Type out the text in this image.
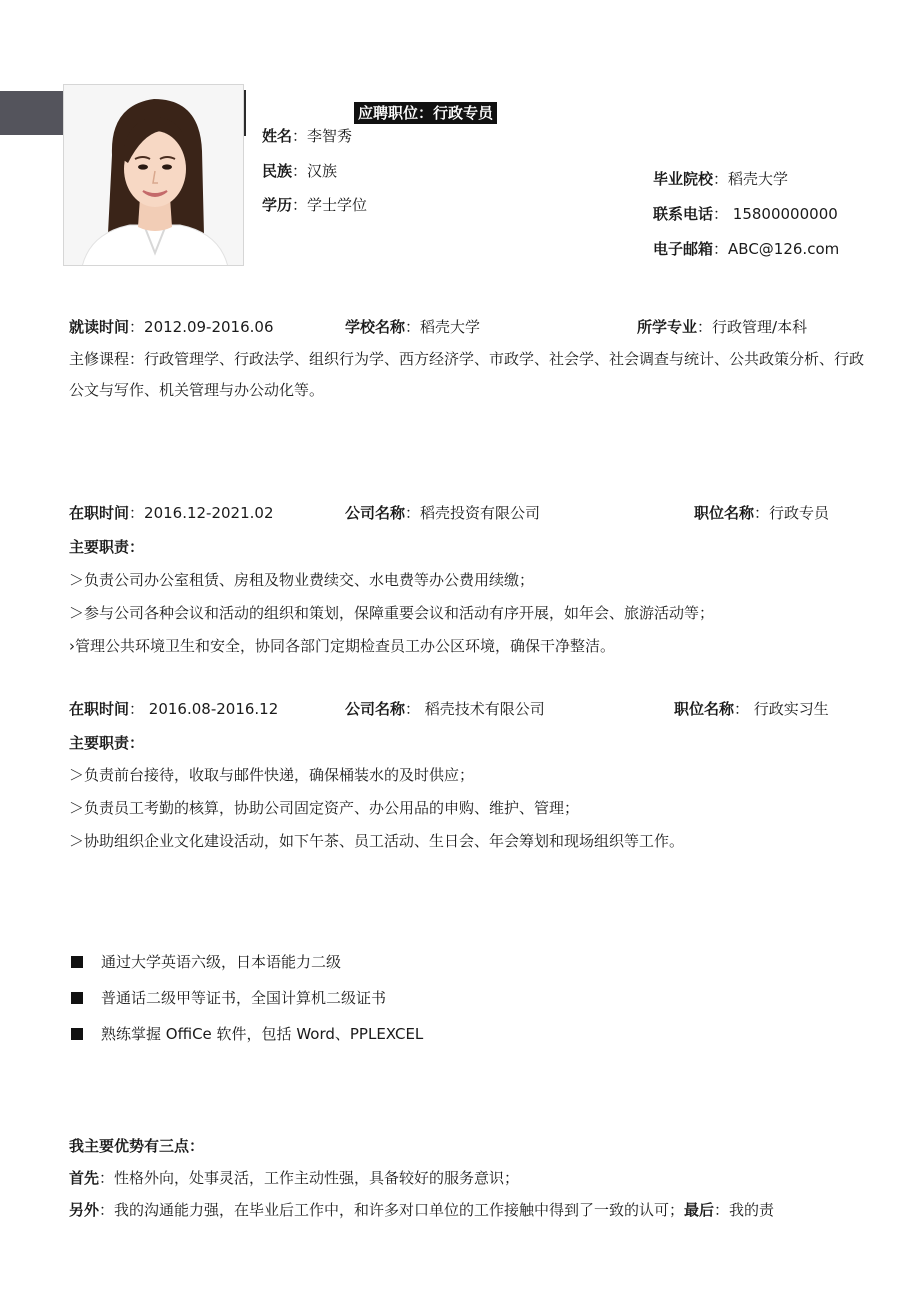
应聘职位：行政专员
姓名：李智秀
民族：汉族
学历：学士学位
毕业院校：稻壳大学
联系电话： 15800000000
电子邮箱：ABC@126.com
就读时间：2012.09-2016.06	学校名称：稻壳大学	所学专业：行政管理/本科
主修课程：行政管理学、行政法学、组织行为学、西方经济学、市政学、社会学、社会调查与统计、公共政策分析、行政公文与写作、机关管理与办公动化等。
在职时间：2016.12-2021.02	公司名称：稻壳投资有限公司	职位名称：行政专员
主要职责：
＞负责公司办公室租赁、房租及物业费续交、水电费等办公费用续缴；
＞参与公司各种会议和活动的组织和策划，保障重要会议和活动有序开展，如年会、旅游活动等；
›管理公共环境卫生和安全，协同各部门定期检查员工办公区环境，确保干净整洁。
在职时间： 2016.08-2016.12	公司名称： 稻壳技术有限公司	职位名称： 行政实习生
主要职责：
＞负责前台接待，收取与邮件快递，确保桶装水的及时供应；
＞负责员工考勤的核算，协助公司固定资产、办公用品的申购、维护、管理；
＞协助组织企业文化建设活动，如下午茶、员工活动、生日会、年会筹划和现场组织等工作。
通过大学英语六级，日本语能力二级
普通话二级甲等证书，全国计算机二级证书
熟练掌握 OffiCe 软件，包括 Word、PPLEXCEL
我主要优势有三点：
首先：性格外向，处事灵活，工作主动性强，具备较好的服务意识；
另外：我的沟通能力强，在毕业后工作中，和许多对口单位的工作接触中得到了一致的认可；最后：我的责
